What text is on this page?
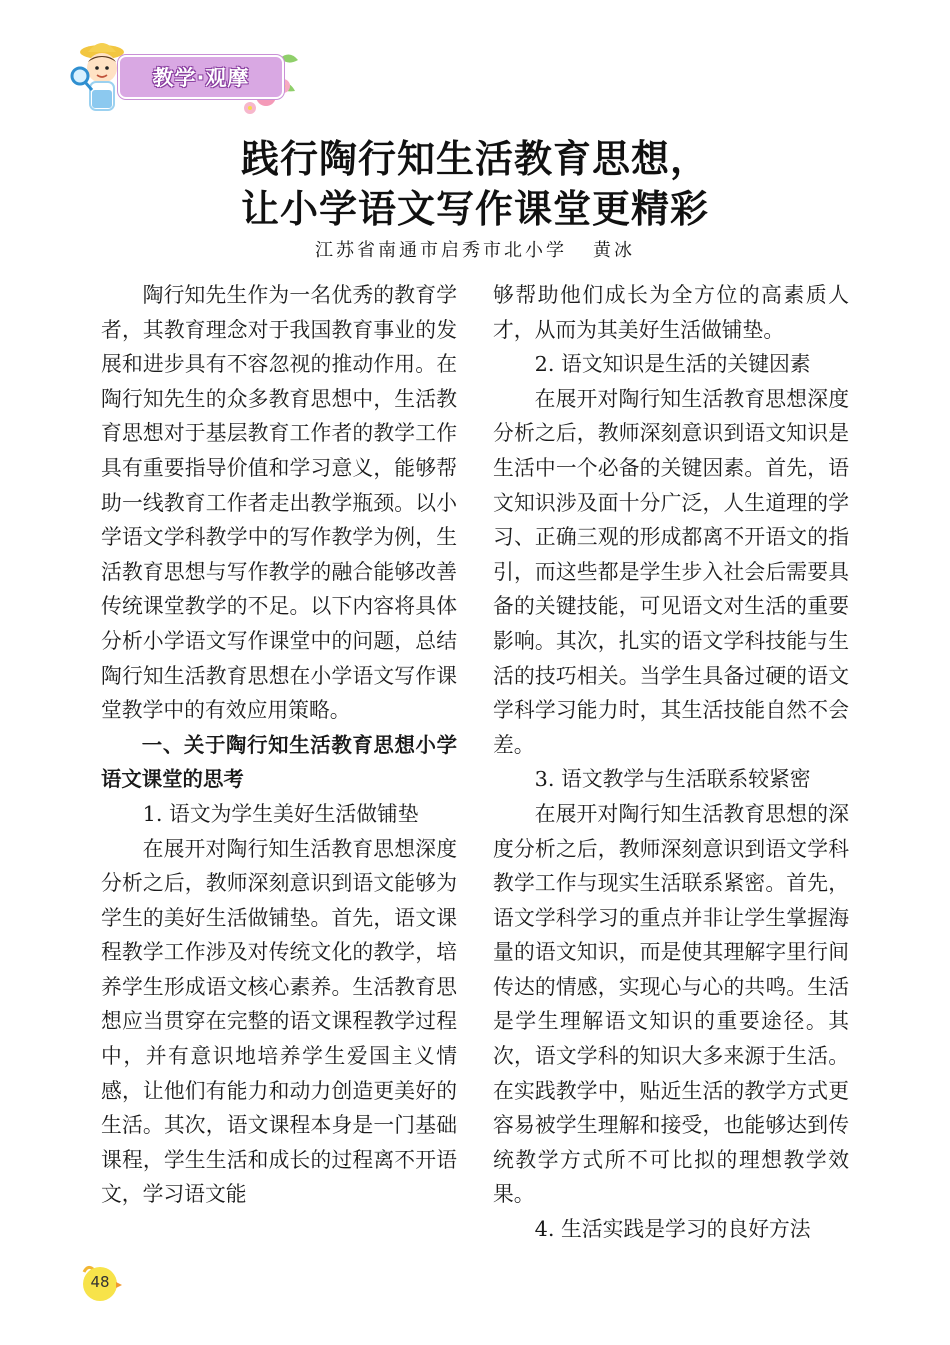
教学·观摩
践行陶行知生活教育思想，
让小学语文写作课堂更精彩
江苏省南通市启秀市北小学 黄冰

陶行知先生作为一名优秀的教育学者，其教育理念对于我国教育事业的发展和进步具有不容忽视的推动作用。在陶行知先生的众多教育思想中，生活教育思想对于基层教育工作者的教学工作具有重要指导价值和学习意义，能够帮助一线教育工作者走出教学瓶颈。以小学语文学科教学中的写作教学为例，生活教育思想与写作教学的融合能够改善传统课堂教学的不足。以下内容将具体分析小学语文写作课堂中的问题，总结陶行知生活教育思想在小学语文写作课堂教学中的有效应用策略。

一、关于陶行知生活教育思想小学语文课堂的思考

1. 语文为学生美好生活做铺垫

在展开对陶行知生活教育思想深度分析之后，教师深刻意识到语文能够为学生的美好生活做铺垫。首先，语文课程教学工作涉及对传统文化的教学，培养学生形成语文核心素养。生活教育思想应当贯穿在完整的语文课程教学过程中，并有意识地培养学生爱国主义情感，让他们有能力和动力创造更美好的生活。其次，语文课程本身是一门基础课程，学生生活和成长的过程离不开语文，学习语文能

够帮助他们成长为全方位的高素质人才，从而为其美好生活做铺垫。

2. 语文知识是生活的关键因素

在展开对陶行知生活教育思想深度分析之后，教师深刻意识到语文知识是生活中一个必备的关键因素。首先，语文知识涉及面十分广泛，人生道理的学习、正确三观的形成都离不开语文的指引，而这些都是学生步入社会后需要具备的关键技能，可见语文对生活的重要影响。其次，扎实的语文学科技能与生活的技巧相关。当学生具备过硬的语文学科学习能力时，其生活技能自然不会差。

3. 语文教学与生活联系较紧密

在展开对陶行知生活教育思想的深度分析之后，教师深刻意识到语文学科教学工作与现实生活联系紧密。首先，语文学科学习的重点并非让学生掌握海量的语文知识，而是使其理解字里行间传达的情感，实现心与心的共鸣。生活是学生理解语文知识的重要途径。其次，语文学科的知识大多来源于生活。在实践教学中，贴近生活的教学方式更容易被学生理解和接受，也能够达到传统教学方式所不可比拟的理想教学效果。

4. 生活实践是学习的良好方法

48
